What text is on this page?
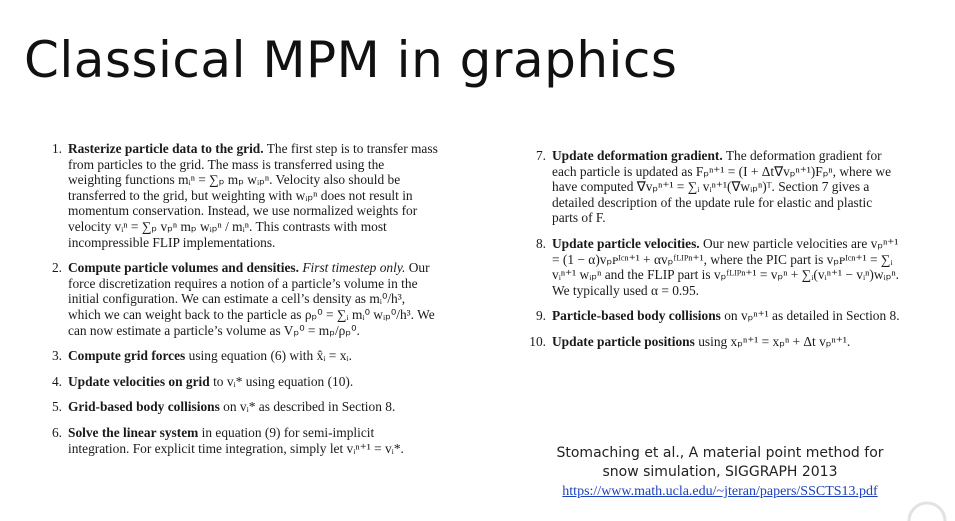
Classical MPM in graphics
1. Rasterize particle data to the grid. The first step is to transfer mass from particles to the grid. The mass is transferred using the weighting functions mᵢⁿ = ∑ₚ mₚ wᵢₚⁿ. Velocity also should be transferred to the grid, but weighting with wᵢₚⁿ does not result in momentum conservation. Instead, we use normalized weights for velocity vᵢⁿ = ∑ₚ vₚⁿ mₚ wᵢₚⁿ / mᵢⁿ. This contrasts with most incompressible FLIP implementations.
2. Compute particle volumes and densities. First timestep only. Our force discretization requires a notion of a particle’s volume in the initial configuration. We can estimate a cell’s density as mᵢ⁰/h³, which we can weight back to the particle as ρₚ⁰ = ∑ᵢ mᵢ⁰ wᵢₚ⁰/h³. We can now estimate a particle’s volume as Vₚ⁰ = mₚ/ρₚ⁰.
3. Compute grid forces using equation (6) with x̂ᵢ = xᵢ.
4. Update velocities on grid to vᵢ* using equation (10).
5. Grid-based body collisions on vᵢ* as described in Section 8.
6. Solve the linear system in equation (9) for semi-implicit integration. For explicit time integration, simply let vᵢⁿ⁺¹ = vᵢ*.
7. Update deformation gradient. The deformation gradient for each particle is updated as Fₚⁿ⁺¹ = (I + Δt∇vₚⁿ⁺¹)Fₚⁿ, where we have computed ∇vₚⁿ⁺¹ = ∑ᵢ vᵢⁿ⁺¹(∇wᵢₚⁿ)ᵀ. Section 7 gives a detailed description of the update rule for elastic and plastic parts of F.
8. Update particle velocities. Our new particle velocities are vₚⁿ⁺¹ = (1 − α)vₚᴘᴵᶜⁿ⁺¹ + αvₚᶠᴸᴵᴾⁿ⁺¹, where the PIC part is vₚᴘᴵᶜⁿ⁺¹ = ∑ᵢ vᵢⁿ⁺¹ wᵢₚⁿ and the FLIP part is vₚᶠᴸᴵᴾⁿ⁺¹ = vₚⁿ + ∑ᵢ(vᵢⁿ⁺¹ − vᵢⁿ)wᵢₚⁿ. We typically used α = 0.95.
9. Particle-based body collisions on vₚⁿ⁺¹ as detailed in Section 8.
10. Update particle positions using xₚⁿ⁺¹ = xₚⁿ + Δt vₚⁿ⁺¹.
Stomaching et al., A material point method for
snow simulation, SIGGRAPH 2013
https://www.math.ucla.edu/~jteran/papers/SSCTS13.pdf
